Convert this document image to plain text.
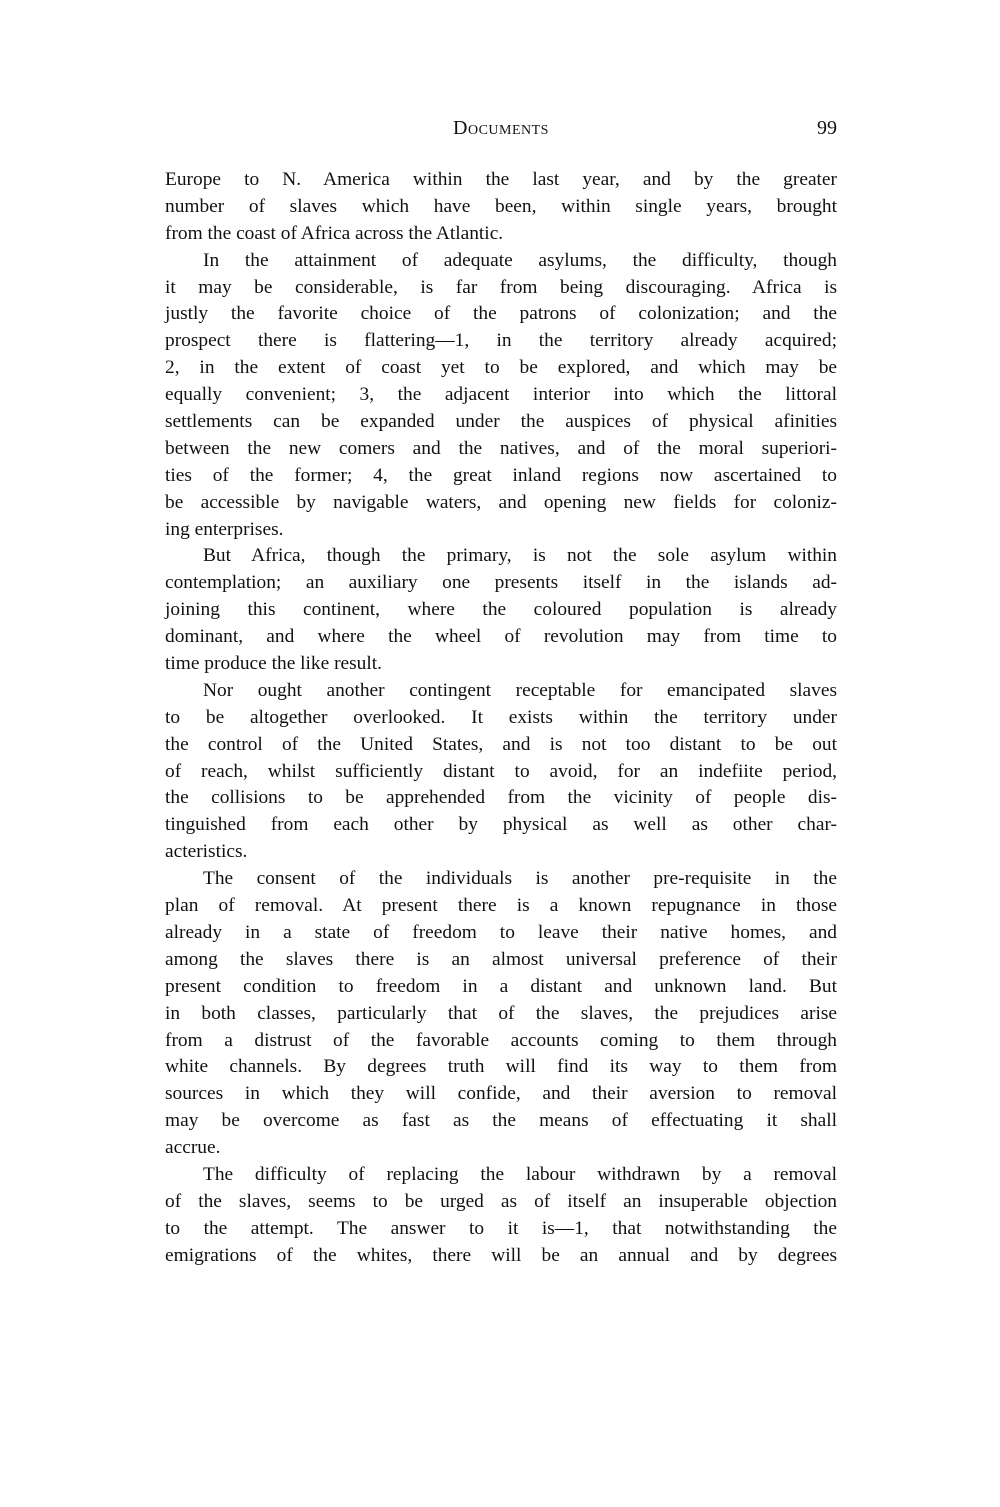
Documents	99
Europe to N. America within the last year, and by the greater
number of slaves which have been, within single years, brought
from the coast of Africa across the Atlantic.
In the attainment of adequate asylums, the difficulty, though
it may be considerable, is far from being discouraging. Africa is
justly the favorite choice of the patrons of colonization; and the
prospect there is flattering—1, in the territory already acquired;
2, in the extent of coast yet to be explored, and which may be
equally convenient; 3, the adjacent interior into which the littoral
settlements can be expanded under the auspices of physical afinities
between the new comers and the natives, and of the moral superiori-
ties of the former; 4, the great inland regions now ascertained to
be accessible by navigable waters, and opening new fields for coloniz-
ing enterprises.
But Africa, though the primary, is not the sole asylum within
contemplation; an auxiliary one presents itself in the islands ad-
joining this continent, where the coloured population is already
dominant, and where the wheel of revolution may from time to
time produce the like result.
Nor ought another contingent receptable for emancipated slaves
to be altogether overlooked. It exists within the territory under
the control of the United States, and is not too distant to be out
of reach, whilst sufficiently distant to avoid, for an indefiite period,
the collisions to be apprehended from the vicinity of people dis-
tinguished from each other by physical as well as other char-
acteristics.
The consent of the individuals is another pre-requisite in the
plan of removal. At present there is a known repugnance in those
already in a state of freedom to leave their native homes, and
among the slaves there is an almost universal preference of their
present condition to freedom in a distant and unknown land. But
in both classes, particularly that of the slaves, the prejudices arise
from a distrust of the favorable accounts coming to them through
white channels. By degrees truth will find its way to them from
sources in which they will confide, and their aversion to removal
may be overcome as fast as the means of effectuating it shall
accrue.
The difficulty of replacing the labour withdrawn by a removal
of the slaves, seems to be urged as of itself an insuperable objection
to the attempt. The answer to it is—1, that notwithstanding the
emigrations of the whites, there will be an annual and by degrees
